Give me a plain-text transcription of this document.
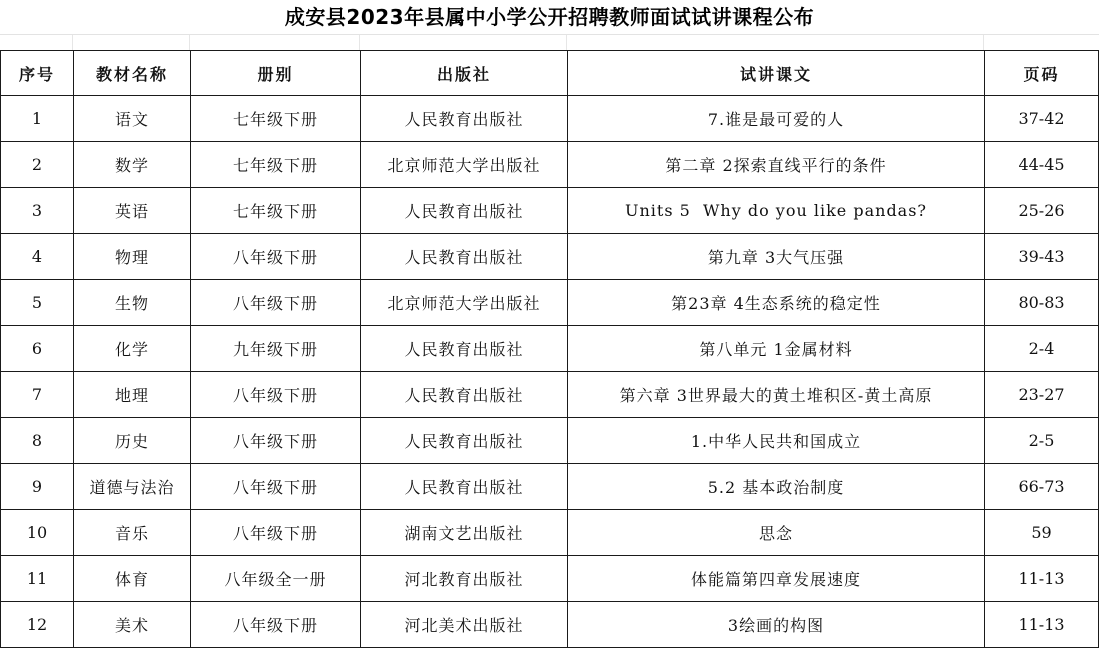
成安县2023年县属中小学公开招聘教师面试试讲课程公布
序号	教材名称	册别	出版社	试讲课文	页码
1	语文	七年级下册	人民教育出版社	7.谁是最可爱的人	37-42
2	数学	七年级下册	北京师范大学出版社	第二章 2探索直线平行的条件	44-45
3	英语	七年级下册	人民教育出版社	Units 5  Why do you like pandas?	25-26
4	物理	八年级下册	人民教育出版社	第九章 3大气压强	39-43
5	生物	八年级下册	北京师范大学出版社	第23章 4生态系统的稳定性	80-83
6	化学	九年级下册	人民教育出版社	第八单元 1金属材料	2-4
7	地理	八年级下册	人民教育出版社	第六章 3世界最大的黄土堆积区-黄土高原	23-27
8	历史	八年级下册	人民教育出版社	1.中华人民共和国成立	2-5
9	道德与法治	八年级下册	人民教育出版社	5.2 基本政治制度	66-73
10	音乐	八年级下册	湖南文艺出版社	思念	59
11	体育	八年级全一册	河北教育出版社	体能篇第四章发展速度	11-13
12	美术	八年级下册	河北美术出版社	3绘画的构图	11-13
